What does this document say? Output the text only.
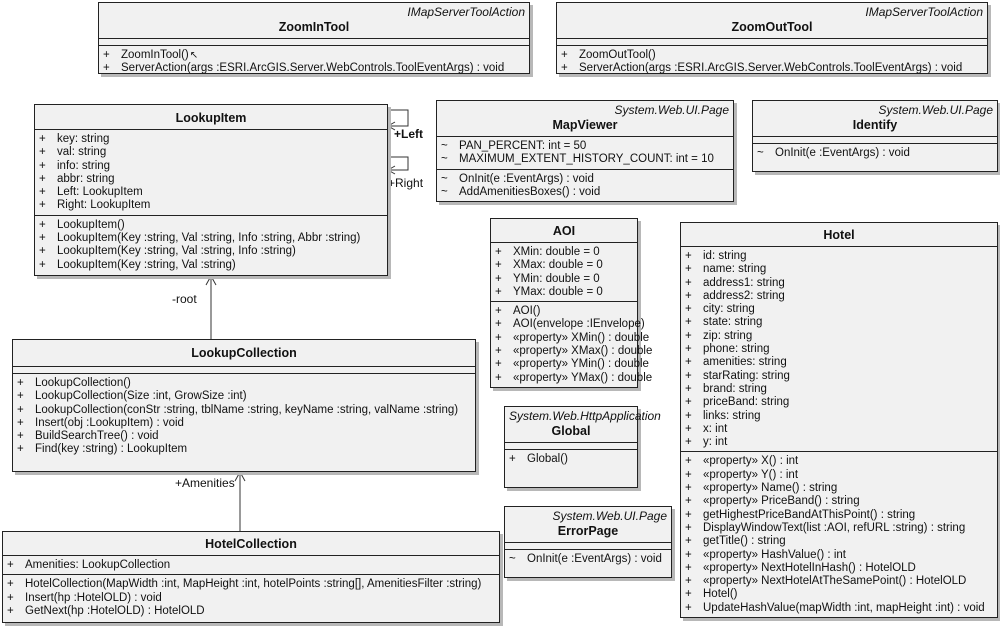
+Left
+Right
-root
+Amenities
IMapServerToolAction
ZoomInTool
+ ZoomInTool() ↖
+ ServerAction(args :ESRI.ArcGIS.Server.WebControls.ToolEventArgs) : void
IMapServerToolAction
ZoomOutTool
+ ZoomOutTool()
+ ServerAction(args :ESRI.ArcGIS.Server.WebControls.ToolEventArgs) : void
LookupItem
+ key: string
+ val: string
+ info: string
+ abbr: string
+ Left: LookupItem
+ Right: LookupItem
+ LookupItem()
+ LookupItem(Key :string, Val :string, Info :string, Abbr :string)
+ LookupItem(Key :string, Val :string, Info :string)
+ LookupItem(Key :string, Val :string)
System.Web.UI.Page
MapViewer
~ PAN_PERCENT: int = 50
~ MAXIMUM_EXTENT_HISTORY_COUNT: int = 10
~ OnInit(e :EventArgs) : void
~ AddAmenitiesBoxes() : void
System.Web.UI.Page
Identify
~ OnInit(e :EventArgs) : void
AOI
+ XMin: double = 0
+ XMax: double = 0
+ YMin: double = 0
+ YMax: double = 0
+ AOI()
+ AOI(envelope :IEnvelope)
+ «property» XMin() : double
+ «property» XMax() : double
+ «property» YMin() : double
+ «property» YMax() : double
Hotel
+ id: string
+ name: string
+ address1: string
+ address2: string
+ city: string
+ state: string
+ zip: string
+ phone: string
+ amenities: string
+ starRating: string
+ brand: string
+ priceBand: string
+ links: string
+ x: int
+ y: int
+ «property» X() : int
+ «property» Y() : int
+ «property» Name() : string
+ «property» PriceBand() : string
+ getHighestPriceBandAtThisPoint() : string
+ DisplayWindowText(list :AOI, refURL :string) : string
+ getTitle() : string
+ «property» HashValue() : int
+ «property» NextHotelInHash() : HotelOLD
+ «property» NextHotelAtTheSamePoint() : HotelOLD
+ Hotel()
+ UpdateHashValue(mapWidth :int, mapHeight :int) : void
LookupCollection
+ LookupCollection()
+ LookupCollection(Size :int, GrowSize :int)
+ LookupCollection(conStr :string, tblName :string, keyName :string, valName :string)
+ Insert(obj :LookupItem) : void
+ BuildSearchTree() : void
+ Find(key :string) : LookupItem
System.Web.HttpApplication
Global
+ Global()
System.Web.UI.Page
ErrorPage
~ OnInit(e :EventArgs) : void
HotelCollection
+ Amenities: LookupCollection
+ HotelCollection(MapWidth :int, MapHeight :int, hotelPoints :string[], AmenitiesFilter :string)
+ Insert(hp :HotelOLD) : void
+ GetNext(hp :HotelOLD) : HotelOLD
